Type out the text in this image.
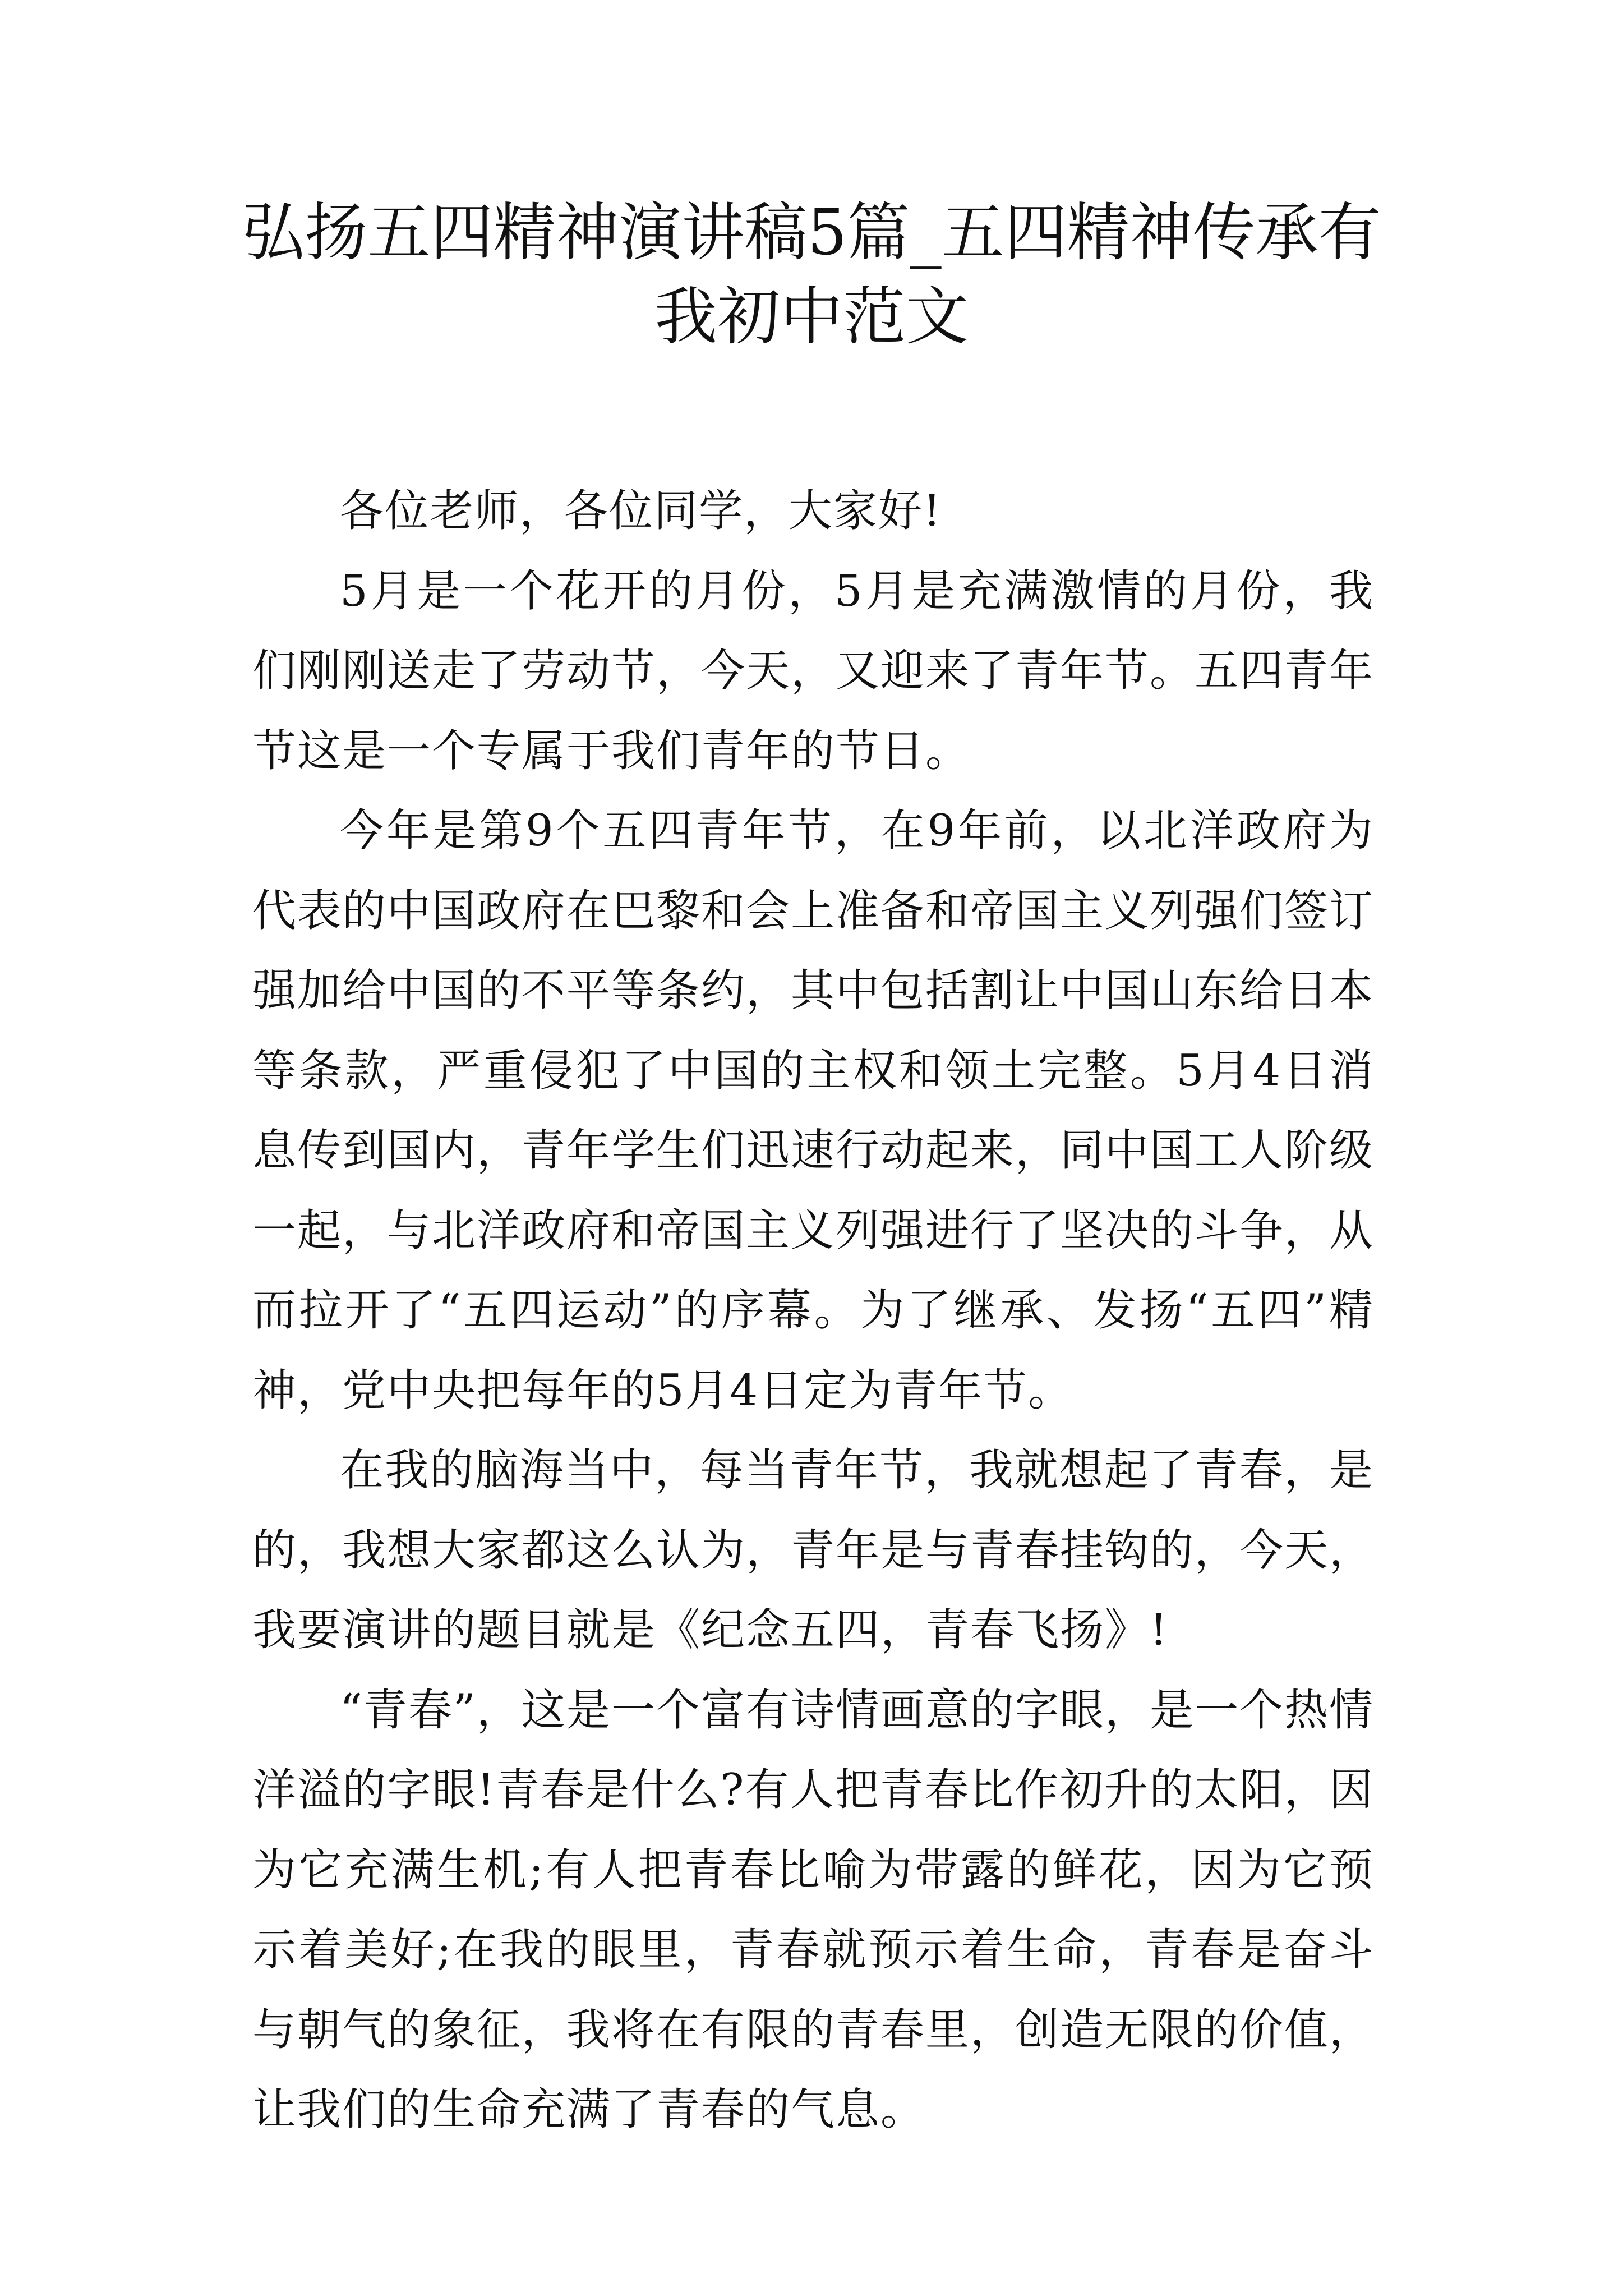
弘扬五四精神演讲稿5篇_五四精神传承有我初中范文

各位老师，各位同学，大家好!

5月是一个花开的月份，5月是充满激情的月份，我们刚刚送走了劳动节，今天，又迎来了青年节。五四青年节这是一个专属于我们青年的节日。

今年是第9个五四青年节，在9年前，以北洋政府为代表的中国政府在巴黎和会上准备和帝国主义列强们签订强加给中国的不平等条约，其中包括割让中国山东给日本等条款，严重侵犯了中国的主权和领土完整。5月4日消息传到国内，青年学生们迅速行动起来，同中国工人阶级一起，与北洋政府和帝国主义列强进行了坚决的斗争，从而拉开了“五四运动”的序幕。为了继承、发扬“五四”精神，党中央把每年的5月4日定为青年节。

在我的脑海当中，每当青年节，我就想起了青春，是的，我想大家都这么认为，青年是与青春挂钩的，今天，我要演讲的题目就是《纪念五四，青春飞扬》!

“青春”，这是一个富有诗情画意的字眼，是一个热情洋溢的字眼!青春是什么?有人把青春比作初升的太阳，因为它充满生机;有人把青春比喻为带露的鲜花，因为它预示着美好;在我的眼里，青春就预示着生命，青春是奋斗与朝气的象征，我将在有限的青春里，创造无限的价值，让我们的生命充满了青春的气息。
